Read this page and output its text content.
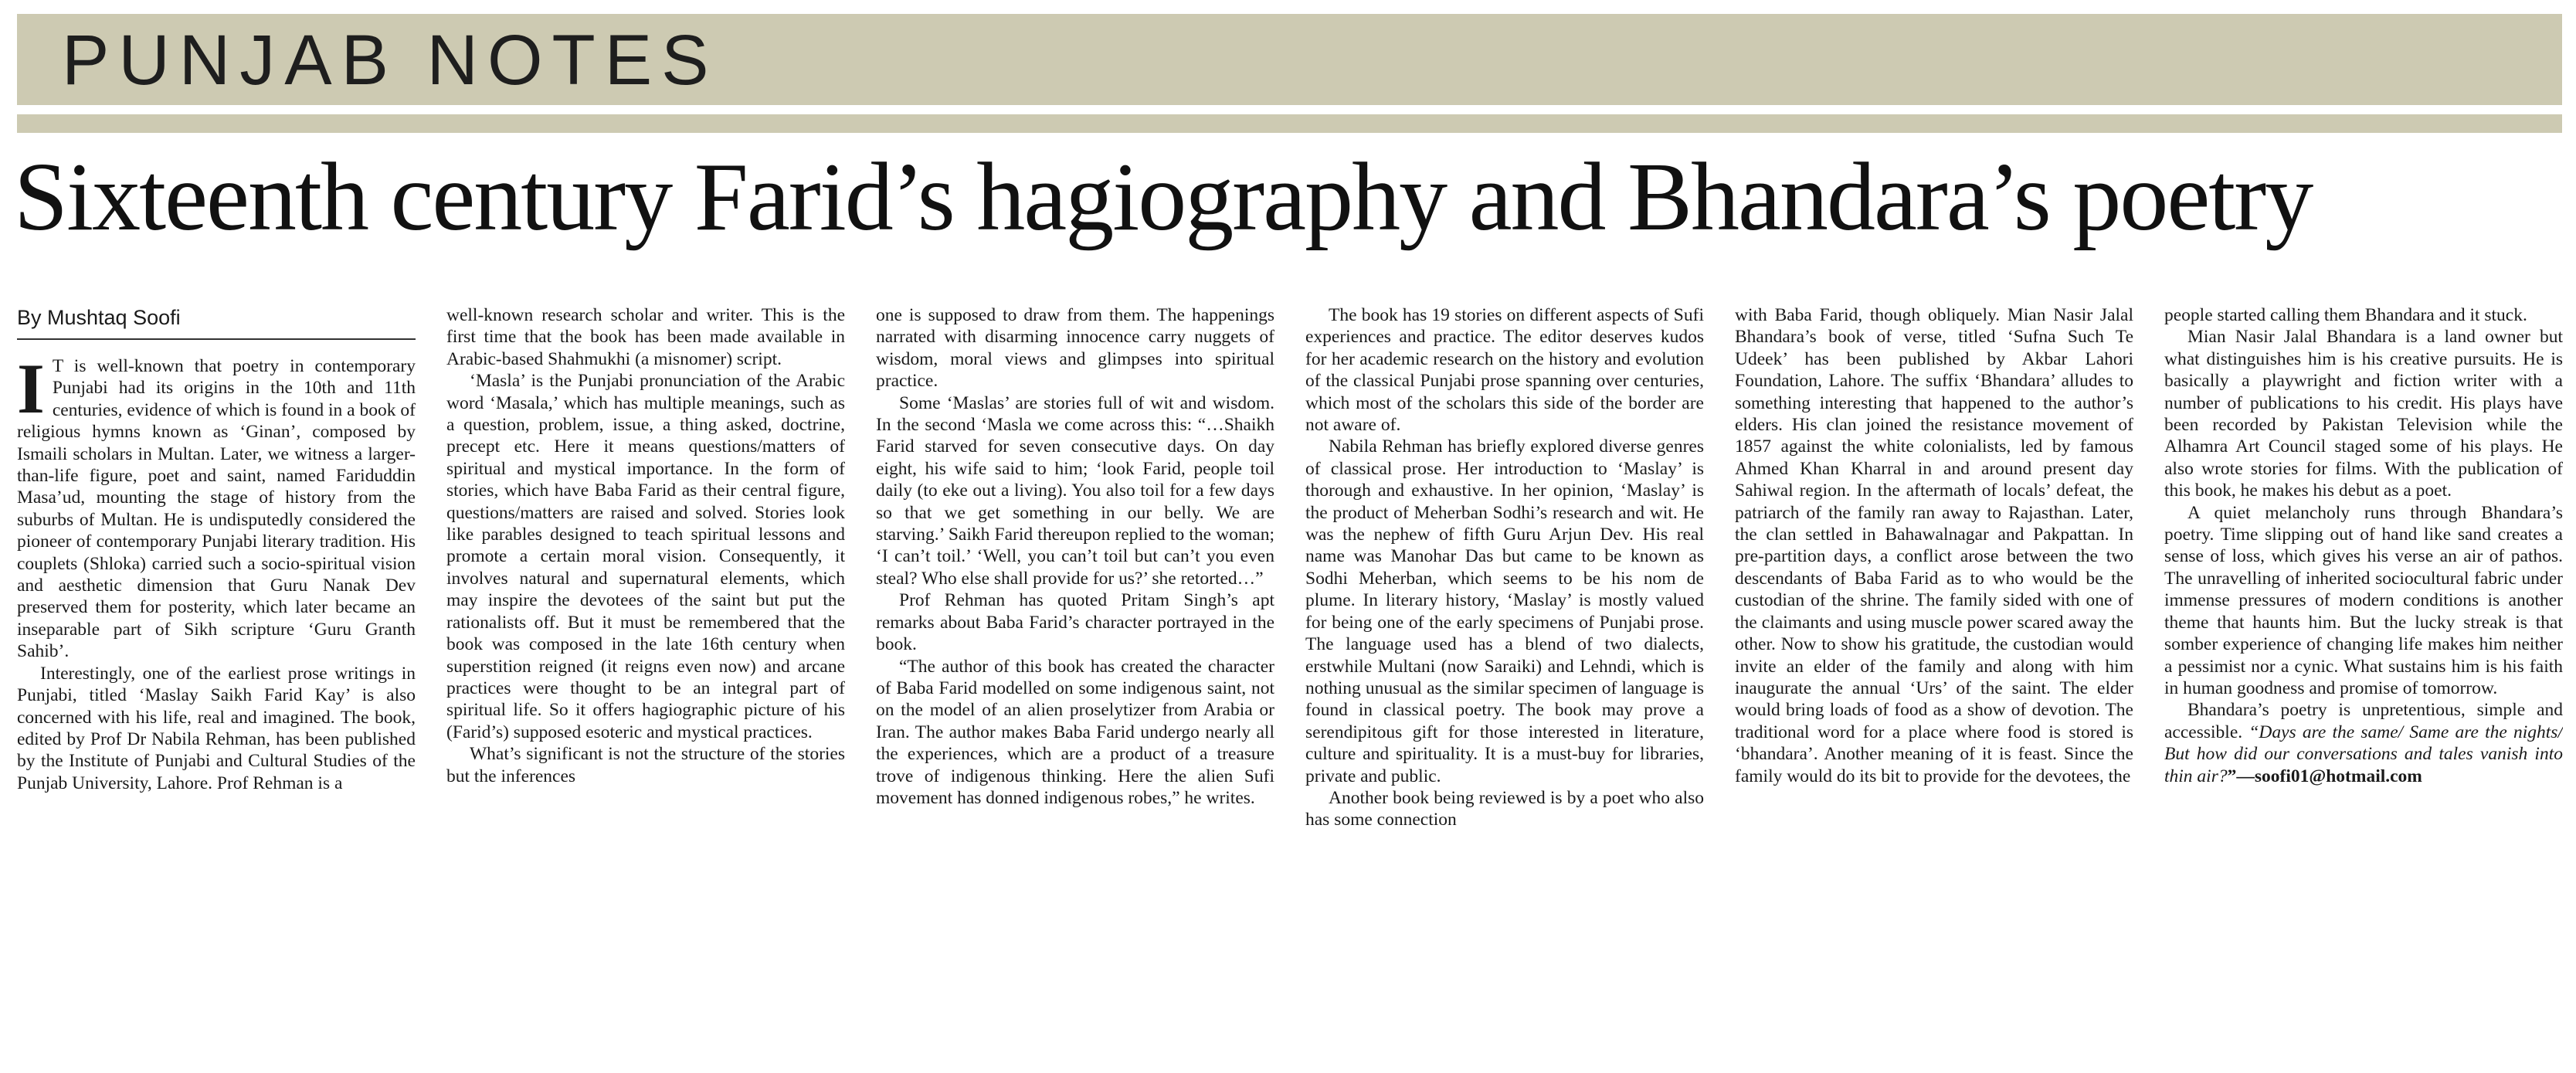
PUNJAB NOTES
Sixteenth century Farid’s hagiography and Bhandara’s poetry
By Mushtaq Soofi

I T is well-known that poetry in contemporary Punjabi had its origins in the 10th and 11th centuries, evidence of which is found in a book of religious hymns known as ‘Ginan’, composed by Ismaili scholars in Multan. Later, we witness a larger-than-life figure, poet and saint, named Fariduddin Masa’ud, mounting the stage of history from the suburbs of Multan. He is undisputedly considered the pioneer of contemporary Punjabi literary tradition. His couplets (Shloka) carried such a socio-spiritual vision and aesthetic dimension that Guru Nanak Dev preserved them for posterity, which later became an inseparable part of Sikh scripture ‘Guru Granth Sahib’.

Interestingly, one of the earliest prose writings in Punjabi, titled ‘Maslay Saikh Farid Kay’ is also concerned with his life, real and imagined. The book, edited by Prof Dr Nabila Rehman, has been published by the Institute of Punjabi and Cultural Studies of the Punjab University, Lahore. Prof Rehman is a

well-known research scholar and writer. This is the first time that the book has been made available in Arabic-based Shahmukhi (a misnomer) script.

‘Masla’ is the Punjabi pronunciation of the Arabic word ‘Masala,’ which has multiple meanings, such as a question, problem, issue, a thing asked, doctrine, precept etc. Here it means questions/matters of spiritual and mystical importance. In the form of stories, which have Baba Farid as their central figure, questions/matters are raised and solved. Stories look like parables designed to teach spiritual lessons and promote a certain moral vision. Consequently, it involves natural and supernatural elements, which may inspire the devotees of the saint but put the rationalists off. But it must be remembered that the book was composed in the late 16th century when superstition reigned (it reigns even now) and arcane practices were thought to be an integral part of spiritual life. So it offers hagiographic picture of his (Farid’s) supposed esoteric and mystical practices.

What’s significant is not the structure of the stories but the inferences

one is supposed to draw from them. The happenings narrated with disarming innocence carry nuggets of wisdom, moral views and glimpses into spiritual practice.

Some ‘Maslas’ are stories full of wit and wisdom. In the second ‘Masla we come across this: “…Shaikh Farid starved for seven consecutive days. On day eight, his wife said to him; ‘look Farid, people toil daily (to eke out a living). You also toil for a few days so that we get something in our belly. We are starving.’ Saikh Farid thereupon replied to the woman; ‘I can’t toil.’ ‘Well, you can’t toil but can’t you even steal? Who else shall provide for us?’ she retorted…”

Prof Rehman has quoted Pritam Singh’s apt remarks about Baba Farid’s character portrayed in the book.

“The author of this book has created the character of Baba Farid modelled on some indigenous saint, not on the model of an alien proselytizer from Arabia or Iran. The author makes Baba Farid undergo nearly all the experiences, which are a product of a treasure trove of indigenous thinking. Here the alien Sufi movement has donned indigenous robes,” he writes.

The book has 19 stories on different aspects of Sufi experiences and practice. The editor deserves kudos for her academic research on the history and evolution of the classical Punjabi prose spanning over centuries, which most of the scholars this side of the border are not aware of.

Nabila Rehman has briefly explored diverse genres of classical prose. Her introduction to ‘Maslay’ is thorough and exhaustive. In her opinion, ‘Maslay’ is the product of Meherban Sodhi’s research and wit. He was the nephew of fifth Guru Arjun Dev. His real name was Manohar Das but came to be known as Sodhi Meherban, which seems to be his nom de plume. In literary history, ‘Maslay’ is mostly valued for being one of the early specimens of Punjabi prose. The language used has a blend of two dialects, erstwhile Multani (now Saraiki) and Lehndi, which is nothing unusual as the similar specimen of language is found in classical poetry. The book may prove a serendipitous gift for those interested in literature, culture and spirituality. It is a must-buy for libraries, private and public.

Another book being reviewed is by a poet who also has some connection

with Baba Farid, though obliquely. Mian Nasir Jalal Bhandara’s book of verse, titled ‘Sufna Such Te Udeek’ has been published by Akbar Lahori Foundation, Lahore. The suffix ‘Bhandara’ alludes to something interesting that happened to the author’s elders. His clan joined the resistance movement of 1857 against the white colonialists, led by famous Ahmed Khan Kharral in and around present day Sahiwal region. In the aftermath of locals’ defeat, the patriarch of the family ran away to Rajasthan. Later, the clan settled in Bahawalnagar and Pakpattan. In pre-partition days, a conflict arose between the two descendants of Baba Farid as to who would be the custodian of the shrine. The family sided with one of the claimants and using muscle power scared away the other. Now to show his gratitude, the custodian would invite an elder of the family and along with him inaugurate the annual ‘Urs’ of the saint. The elder would bring loads of food as a show of devotion. The traditional word for a place where food is stored is ‘bhandara’. Another meaning of it is feast. Since the family would do its bit to provide for the devotees, the

people started calling them Bhandara and it stuck.

Mian Nasir Jalal Bhandara is a land owner but what distinguishes him is his creative pursuits. He is basically a playwright and fiction writer with a number of publications to his credit. His plays have been recorded by Pakistan Television while the Alhamra Art Council staged some of his plays. He also wrote stories for films. With the publication of this book, he makes his debut as a poet.

A quiet melancholy runs through Bhandara’s poetry. Time slipping out of hand like sand creates a sense of loss, which gives his verse an air of pathos. The unravelling of inherited sociocultural fabric under immense pressures of modern conditions is another theme that haunts him. But the lucky streak is that somber experience of changing life makes him neither a pessimist nor a cynic. What sustains him is his faith in human goodness and promise of tomorrow.

Bhandara’s poetry is unpretentious, simple and accessible. “Days are the same/ Same are the nights/ But how did our conversations and tales vanish into thin air?”—soofi01@hotmail.com
